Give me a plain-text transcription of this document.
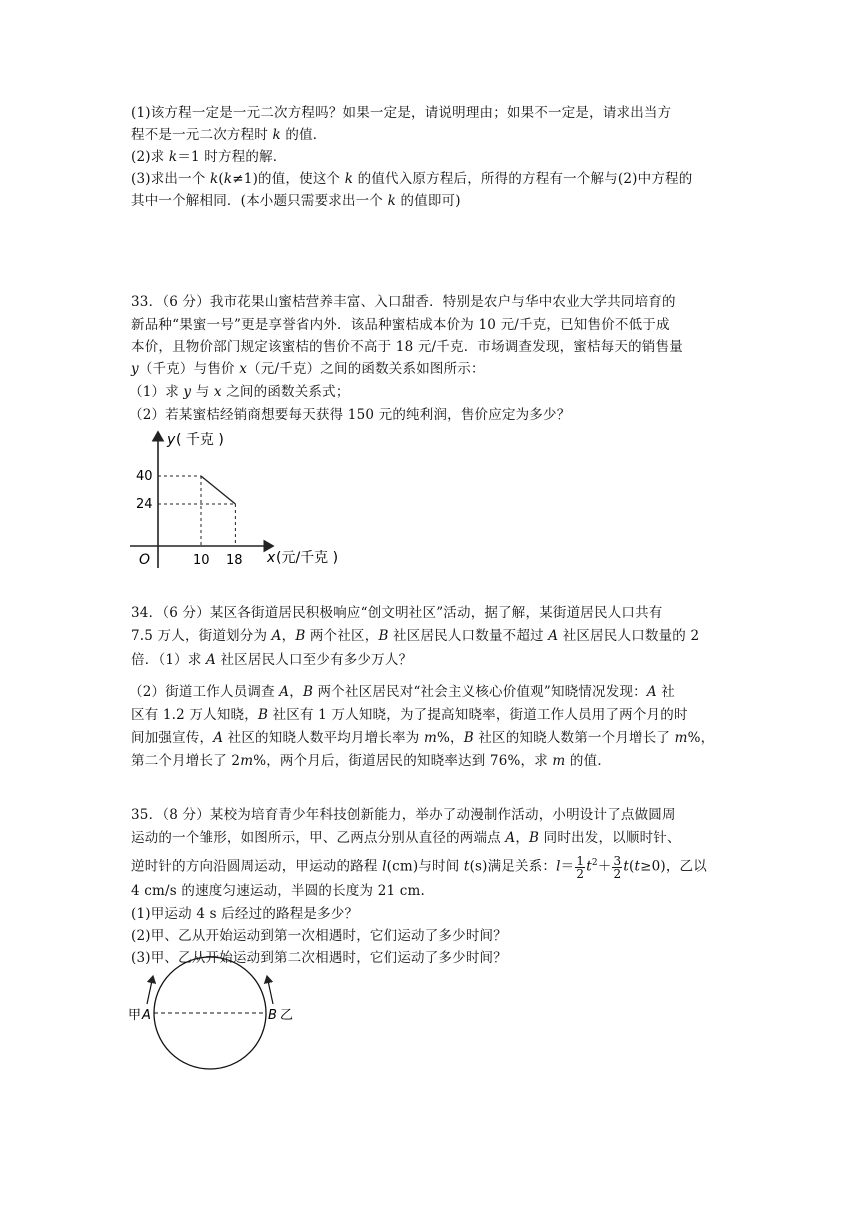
(1)该方程一定是一元二次方程吗？如果一定是，请说明理由；如果不一定是，请求出当方
程不是一元二次方程时 k 的值．
(2)求 k＝1 时方程的解．
(3)求出一个 k(k≠1)的值，使这个 k 的值代入原方程后，所得的方程有一个解与(2)中方程的
其中一个解相同．(本小题只需要求出一个 k 的值即可)
33．（6 分）我市花果山蜜桔营养丰富、入口甜香．特别是农户与华中农业大学共同培育的
新品种“果蜜一号”更是享誉省内外．该品种蜜桔成本价为 10 元/千克，已知售价不低于成
本价，且物价部门规定该蜜桔的售价不高于 18 元/千克．市场调查发现，蜜桔每天的销售量
y（千克）与售价 x（元/千克）之间的函数关系如图所示：
（1）求 y 与 x 之间的函数关系式；
（2）若某蜜桔经销商想要每天获得 150 元的纯利润，售价应定为多少？
y ( 千克 )
x (元/千克 )
O
40
24
10 18
34．（6 分）某区各街道居民积极响应“创文明社区”活动，据了解，某街道居民人口共有
7.5 万人，街道划分为 A，B 两个社区，B 社区居民人口数量不超过 A 社区居民人口数量的 2
倍．（1）求 A 社区居民人口至少有多少万人？
（2）街道工作人员调查 A，B 两个社区居民对“社会主义核心价值观”知晓情况发现：A 社
区有 1.2 万人知晓，B 社区有 1 万人知晓，为了提高知晓率，街道工作人员用了两个月的时
间加强宣传，A 社区的知晓人数平均月增长率为 m%，B 社区的知晓人数第一个月增长了 m%，
第二个月增长了 2m%，两个月后，街道居民的知晓率达到 76%，求 m 的值．
35．（8 分）某校为培育青少年科技创新能力，举办了动漫制作活动，小明设计了点做圆周
运动的一个雏形，如图所示，甲、乙两点分别从直径的两端点 A，B 同时出发，以顺时针、
逆时针的方向沿圆周运动，甲运动的路程 l(cm)与时间 t(s)满足关系：$l= \frac{1}{2} t^2+ \frac{3}{2} t(t\ge 0)$，乙以
4 cm/s 的速度匀速运动，半圆的长度为 21 cm.
(1)甲运动 4 s 后经过的路程是多少？
(2)甲、乙从开始运动到第一次相遇时，它们运动了多少时间？
(3)甲、乙从开始运动到第二次相遇时，它们运动了多少时间？
甲 A	B 乙
